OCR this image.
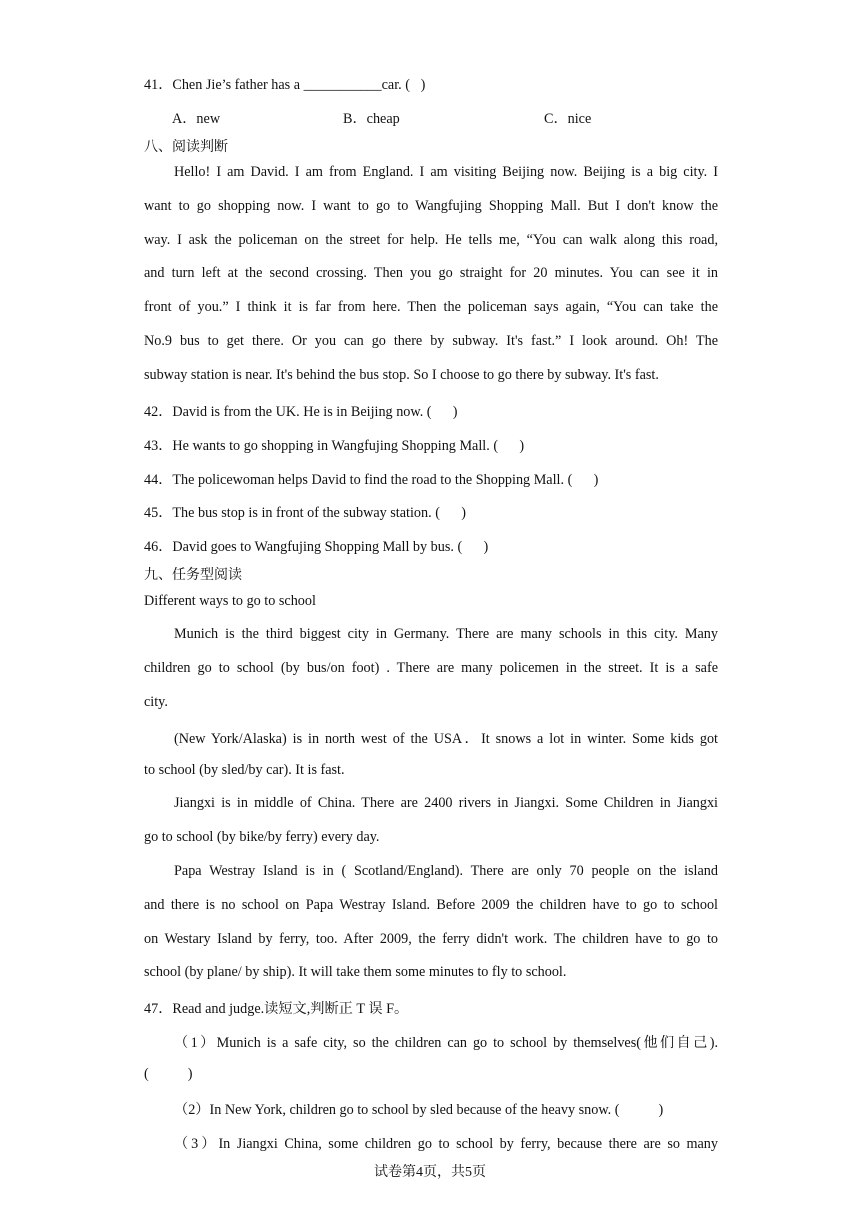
41．Chen Jie’s father has a ___________car. (   )
A．new	B．cheap	C．nice
八、阅读判断
Hello! I am David. I am from England. I am visiting Beijing now. Beijing is a big city. I
want to go shopping now. I want to go to Wangfujing Shopping Mall. But I don't know the
way. I ask the policeman on the street for help. He tells me, “You can walk along this road,
and turn left at the second crossing. Then you go straight for 20 minutes. You can see it in
front of you.” I think it is far from here. Then the policeman says again, “You can take the
No.9 bus to get there. Or you can go there by subway. It's fast.” I look around. Oh! The
subway station is near. It's behind the bus stop. So I choose to go there by subway. It's fast.
42．David is from the UK. He is in Beijing now. (      )
43．He wants to go shopping in Wangfujing Shopping Mall. (      )
44．The policewoman helps David to find the road to the Shopping Mall. (      )
45．The bus stop is in front of the subway station. (      )
46．David goes to Wangfujing Shopping Mall by bus. (      )
九、任务型阅读
Different ways to go to school
Munich is the third biggest city in Germany. There are many schools in this city. Many
children go to school (by bus/on foot) . There are many policemen in the street. It is a safe
city.
(New York/Alaska) is in north west of the USA．It snows a lot in winter. Some kids got
to school (by sled/by car). It is fast.
Jiangxi is in middle of China. There are 2400 rivers in Jiangxi. Some Children in Jiangxi
go to school (by bike/by ferry) every day.
Papa Westray Island is in ( Scotland/England). There are only 70 people on the island
and there is no school on Papa Westray Island. Before 2009 the children have to go to school
on Westary Island by ferry, too. After 2009, the ferry didn't work. The children have to go to
school (by plane/ by ship). It will take them some minutes to fly to school.
47．Read and judge.读短文,判断正 T 误 F。
（1）Munich is a safe city, so the children can go to school by themselves(他们自己).
(           )
（2）In New York, children go to school by sled because of the heavy snow. (           )
（3）In Jiangxi China, some children go to school by ferry, because there are so many
试卷第4页，共5页
